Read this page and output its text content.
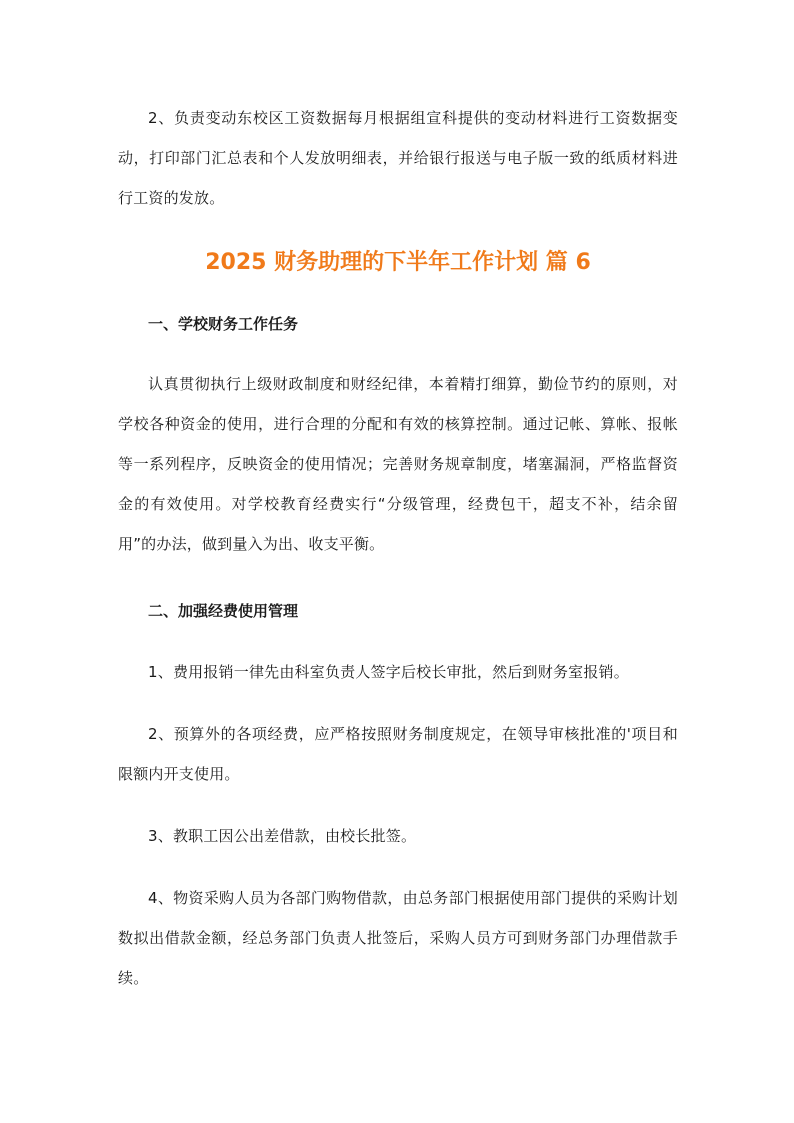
2、负责变动东校区工资数据每月根据组宣科提供的变动材料进行工资数据变动，打印部门汇总表和个人发放明细表，并给银行报送与电子版一致的纸质材料进行工资的发放。

2025 财务助理的下半年工作计划 篇 6
一、学校财务工作任务

认真贯彻执行上级财政制度和财经纪律，本着精打细算，勤俭节约的原则，对学校各种资金的使用，进行合理的分配和有效的核算控制。通过记帐、算帐、报帐等一系列程序，反映资金的使用情况；完善财务规章制度，堵塞漏洞，严格监督资金的有效使用。对学校教育经费实行“分级管理，经费包干，超支不补，结余留用”的办法，做到量入为出、收支平衡。

二、加强经费使用管理

1、费用报销一律先由科室负责人签字后校长审批，然后到财务室报销。

2、预算外的各项经费，应严格按照财务制度规定，在领导审核批准的'项目和限额内开支使用。

3、教职工因公出差借款，由校长批签。

4、物资采购人员为各部门购物借款，由总务部门根据使用部门提供的采购计划数拟出借款金额，经总务部门负责人批签后，采购人员方可到财务部门办理借款手续。
